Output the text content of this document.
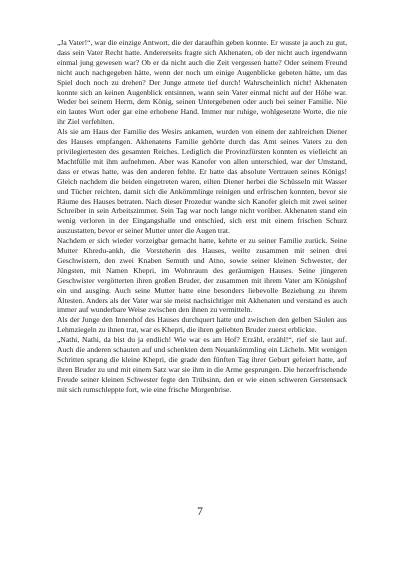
„Ja Vater!“, war die einzige Antwort, die der daraufhin geben konnte. Er wusste ja auch zu gut, dass sein Vater Recht hatte. Andererseits fragte sich Akhenaten, ob der nicht auch irgendwann einmal jung gewesen war? Ob er da nicht auch die Zeit vergessen hatte? Oder seinem Freund nicht auch nachgegeben hätte, wenn der noch um einige Augenblicke gebeten hätte, um das Spiel doch noch zu drehen? Der Junge atmete tief durch! Wahrscheinlich nicht! Akhenaten konnte sich an keinen Augenblick entsinnen, wann sein Vater einmal nicht auf der Höhe war. Weder bei seinem Herrn, dem König, seinen Untergebenen oder auch bei seiner Familie. Nie ein lautes Wort oder gar eine erhobene Hand. Immer nur ruhige, wohlgesetzte Worte, die nie ihr Ziel verfehlten.

Als sie am Haus der Familie des Wesirs ankamen, wurden von einem der zahlreichen Diener des Hauses empfangen. Akhenatens Familie gehörte durch das Amt seines Vaters zu den privilegiertesten des gesamten Reiches. Lediglich die Provinzfürsten konnten es vielleicht an Machtfülle mit ihm aufnehmen. Aber was Kanofer von allen unterschied, war der Umstand, dass er etwas hatte, was den anderen fehlte. Er hatte das absolute Vertrauen seines Königs! Gleich nachdem die beiden eingetreten waren, eilten Diener herbei die Schüsseln mit Wasser und Tücher reichten, damit sich die Ankömmlinge reinigen und erfrischen konnten, bevor sie Räume des Hauses betraten. Nach dieser Prozedur wandte sich Kanofer gleich mit zwei seiner Schreiber in sein Arbeitszimmer. Sein Tag war noch lange nicht vorüber. Akhenaten stand ein wenig verloren in der Eingangshalle und entschied, sich erst mit einem frischen Schurz auszustatten, bevor er seiner Mutter unter die Augen trat.

Nachdem er sich wieder vorzeigbar gemacht hatte, kehrte er zu seiner Familie zurück. Seine Mutter Khredu-ankh, die Vorsteherin des Hauses, weilte zusammen mit seinen drei Geschwistern, den zwei Knaben Semuth und Atno, sowie seiner kleinen Schwester, der Jüngsten, mit Namen Khepri, im Wohnraum des geräumigen Hauses. Seine jüngeren Geschwister vergötterten ihren großen Bruder, der zusammen mit ihrem Vater am Königshof ein und ausging. Auch seine Mutter hatte eine besonders liebevolle Beziehung zu ihrem Ältesten. Anders als der Vater war sie meist nachsichtiger mit Akhenaten und verstand es auch immer auf wunderbare Weise zwischen den ihnen zu vermitteln.

Als der Junge den Innenhof des Hauses durchquert hatte und zwischen den gelben Säulen aus Lehmziegeln zu ihnen trat, war es Khepri, die ihren geliebten Bruder zuerst erblickte.

„Nathi, Nathi, da bist du ja endlich! Wie war es am Hof? Erzähl, erzähl!“, rief sie laut auf. Auch die anderen schauten auf und schenkten dem Neuankömmling ein Lächeln. Mit wenigen Schritten sprang die kleine Khepri, die grade den fünften Tag ihrer Geburt gefeiert hatte, auf ihren Bruder zu und mit einem Satz war sie ihm in die Arme gesprungen. Die herzerfrischende Freude seiner kleinen Schwester fegte den Trübsinn, den er wie einen schweren Gerstensack mit sich rumschleppte fort, wie eine frische Morgenbrise.

7
